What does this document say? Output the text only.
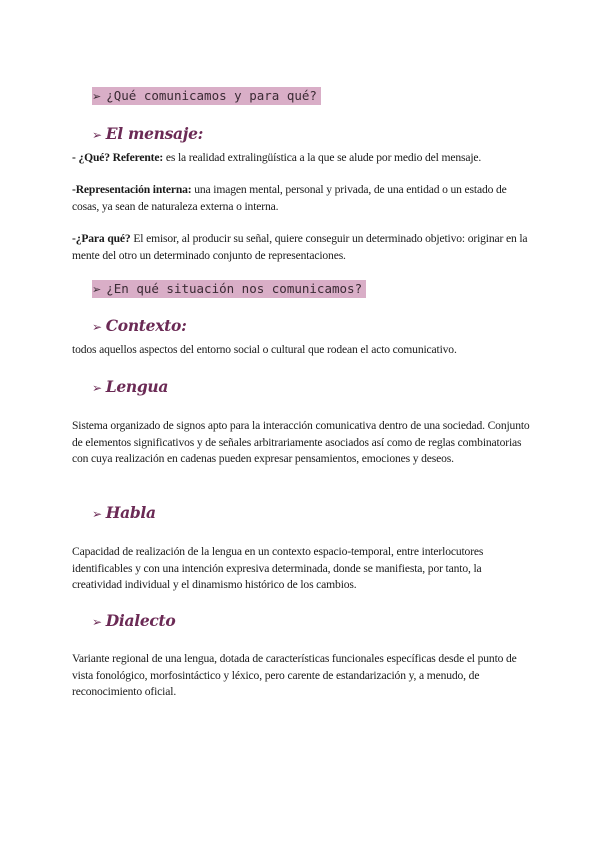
➢ ¿Qué comunicamos y para qué?
➢ El mensaje:
- ¿Qué? Referente: es la realidad extralingüística a la que se alude por medio del mensaje.
-Representación interna: una imagen mental, personal y privada, de una entidad o un estado de cosas, ya sean de naturaleza externa o interna.
-¿Para qué? El emisor, al producir su señal, quiere conseguir un determinado objetivo: originar en la mente del otro un determinado conjunto de representaciones.
➢ ¿En qué situación nos comunicamos?
➢ Contexto:
todos aquellos aspectos del entorno social o cultural que rodean el acto comunicativo.
➢ Lengua
Sistema organizado de signos apto para la interacción comunicativa dentro de una sociedad. Conjunto de elementos significativos y de señales arbitrariamente asociados así como de reglas combinatorias con cuya realización en cadenas pueden expresar pensamientos, emociones y deseos.
➢ Habla
Capacidad de realización de la lengua en un contexto espacio-temporal, entre interlocutores identificables y con una intención expresiva determinada, donde se manifiesta, por tanto, la creatividad individual y el dinamismo histórico de los cambios.
➢ Dialecto
Variante regional de una lengua, dotada de características funcionales específicas desde el punto de vista fonológico, morfosintáctico y léxico, pero carente de estandarización y, a menudo, de reconocimiento oficial.
